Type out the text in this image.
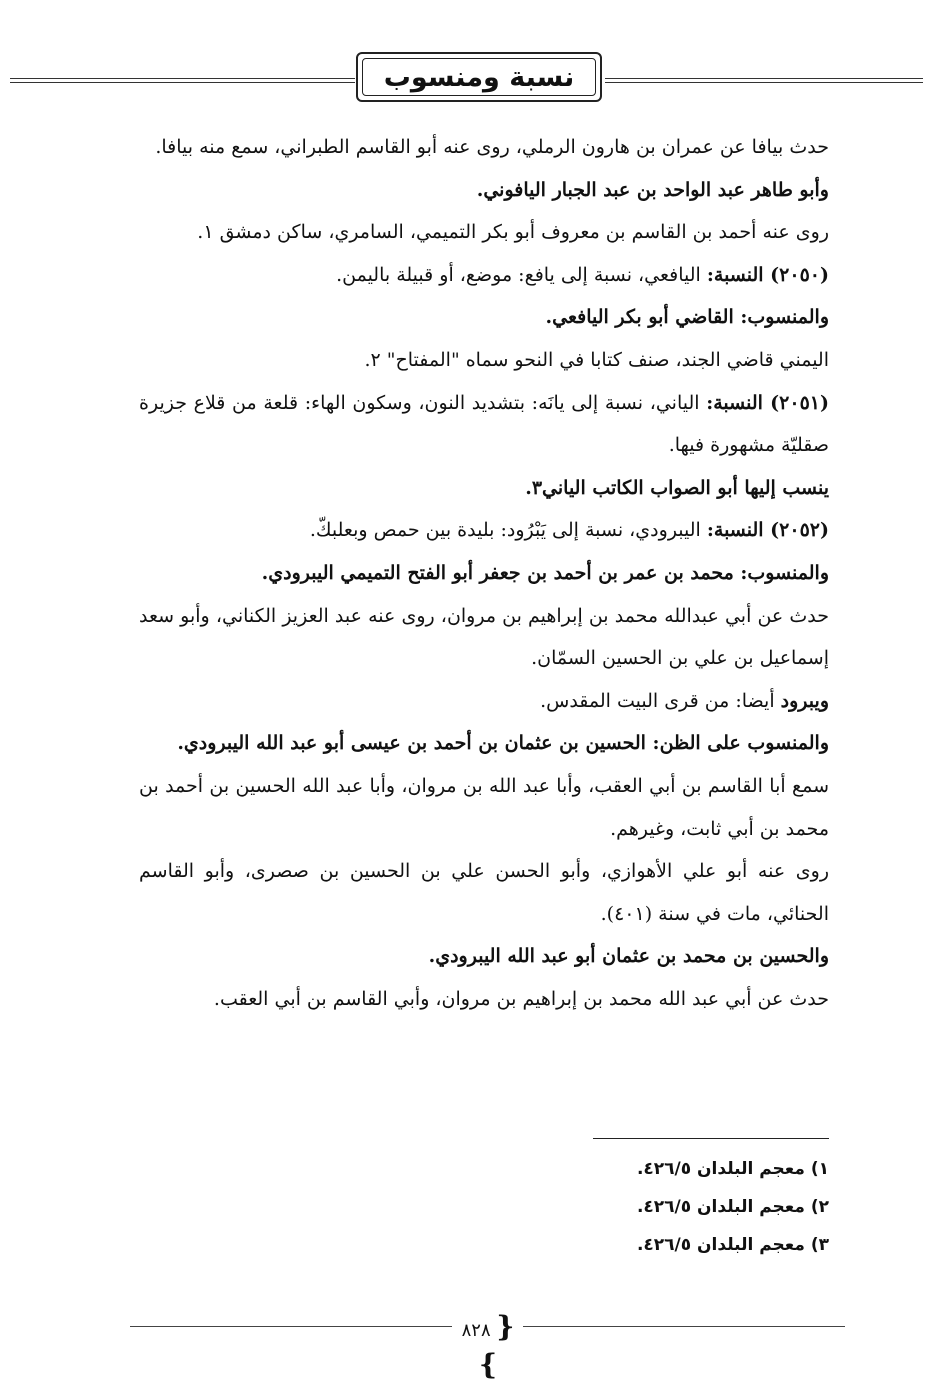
نسبة ومنسوب

حدث بيافا عن عمران بن هارون الرملي، روى عنه أبو القاسم الطبراني، سمع منه بيافا.

وأبو طاهر عبد الواحد بن عبد الجبار اليافوني.

روى عنه أحمد بن القاسم بن معروف أبو بكر التميمي، السامري، ساكن دمشق ١.

(٢٠٥٠) النسبة: اليافعي، نسبة إلى يافع: موضع، أو قبيلة باليمن.

والمنسوب: القاضي أبو بكر اليافعي.

اليمني قاضي الجند، صنف كتابا في النحو سماه "المفتاح" ٢.

(٢٠٥١) النسبة: الياني، نسبة إلى يانَه: بتشديد النون، وسكون الهاء: قلعة من قلاع جزيرة صقليّة مشهورة فيها.

ينسب إليها أبو الصواب الكاتب الياني٣.

(٢٠٥٢) النسبة: اليبرودي، نسبة إلى يَبْرُود: بليدة بين حمص وبعلبكّ.

والمنسوب: محمد بن عمر بن أحمد بن جعفر أبو الفتح التميمي اليبرودي.

حدث عن أبي عبدالله محمد بن إبراهيم بن مروان، روى عنه عبد العزيز الكناني، وأبو سعد إسماعيل بن علي بن الحسين السمّان.

ويبرود أيضا: من قرى البيت المقدس.

والمنسوب على الظن: الحسين بن عثمان بن أحمد بن عيسى أبو عبد الله اليبرودي.

سمع أبا القاسم بن أبي العقب، وأبا عبد الله بن مروان، وأبا عبد الله الحسين بن أحمد بن محمد بن أبي ثابت، وغيرهم.

روى عنه أبو علي الأهوازي، وأبو الحسن علي بن الحسين بن صصرى، وأبو القاسم الحنائي، مات في سنة (٤٠١).

والحسين بن محمد بن عثمان أبو عبد الله اليبرودي.

حدث عن أبي عبد الله محمد بن إبراهيم بن مروان، وأبي القاسم بن أبي العقب.

١) معجم البلدان ٤٢٦/٥.
٢) معجم البلدان ٤٢٦/٥.
٣) معجم البلدان ٤٢٦/٥.
{ ٨٢٨ }
